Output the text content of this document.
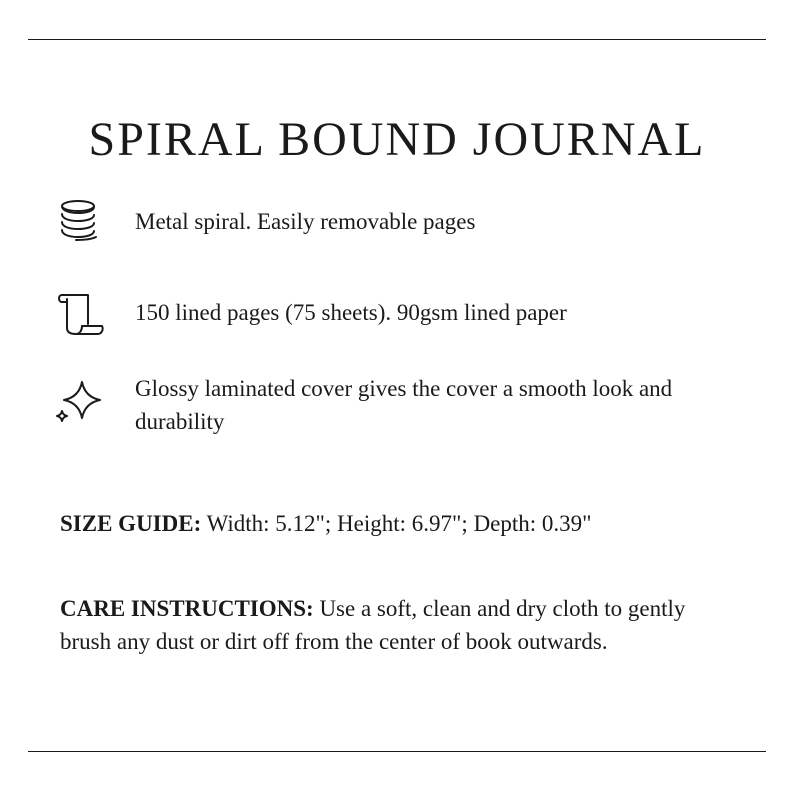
SPIRAL BOUND JOURNAL
Metal spiral. Easily removable pages
150 lined pages (75 sheets). 90gsm lined paper
Glossy laminated cover gives the cover a smooth look and durability

SIZE GUIDE: Width: 5.12"; Height: 6.97"; Depth: 0.39"

CARE INSTRUCTIONS: Use a soft, clean and dry cloth to gently brush any dust or dirt off from the center of book outwards.
